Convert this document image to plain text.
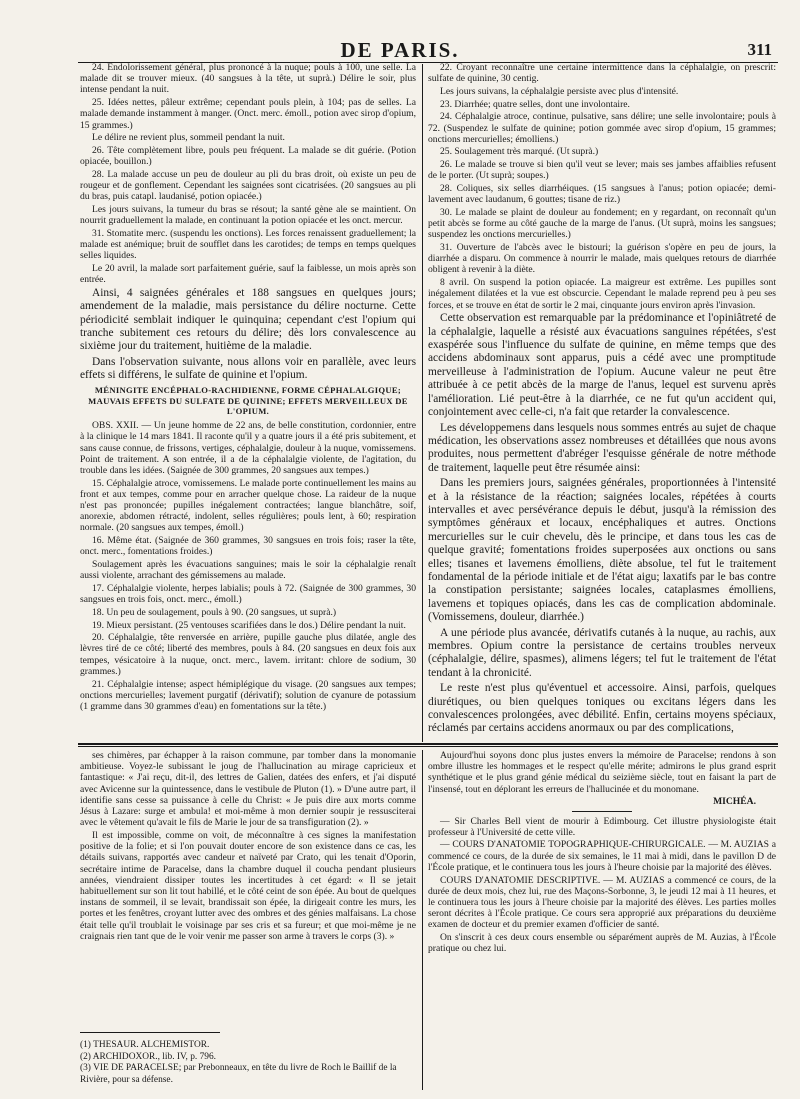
DE PARIS.	311

24. Endolorissement général, plus prononcé à la nuque; pouls à 100, une selle. La malade dit se trouver mieux. (40 sangsues à la tête, ut suprà.) Délire le soir, plus intense pendant la nuit.

25. Idées nettes, pâleur extrême; cependant pouls plein, à 104; pas de selles. La malade demande instamment à manger. (Onct. merc. émoll., potion avec sirop d'opium, 15 grammes.)

Le délire ne revient plus, sommeil pendant la nuit.

26. Tête complètement libre, pouls peu fréquent. La malade se dit guérie. (Potion opiacée, bouillon.)

28. La malade accuse un peu de douleur au pli du bras droit, où existe un peu de rougeur et de gonflement. Cependant les saignées sont cicatrisées. (20 sangsues au pli du bras, puis catapl. laudanisé, potion opiacée.)

Les jours suivans, la tumeur du bras se résout; la santé gène ale se maintient. On nourrit graduellement la malade, en continuant la potion opiacée et les onct. mercur.

31. Stomatite merc. (suspendu les onctions). Les forces renaissent graduellement; la malade est anémique; bruit de soufflet dans les carotides; de temps en temps quelques selles liquides.

Le 20 avril, la malade sort parfaitement guérie, sauf la faiblesse, un mois après son entrée.

Ainsi, 4 saignées générales et 188 sangsues en quelques jours; amendement de la maladie, mais persistance du délire nocturne. Cette périodicité semblait indiquer le quinquina; cependant c'est l'opium qui tranche subitement ces retours du délire; dès lors convalescence au sixième jour du traitement, huitième de la maladie.

Dans l'observation suivante, nous allons voir en parallèle, avec leurs effets si différens, le sulfate de quinine et l'opium.

MÉNINGITE ENCÉPHALO-RACHIDIENNE, FORME CÉPHALALGIQUE; MAUVAIS EFFETS DU SULFATE DE QUININE; EFFETS MERVEILLEUX DE L'OPIUM.

OBS. XXII. — Un jeune homme de 22 ans, de belle constitution, cordonnier, entre à la clinique le 14 mars 1841. Il raconte qu'il y a quatre jours il a été pris subitement, et sans cause connue, de frissons, vertiges, céphalalgie, douleur à la nuque, vomissemens. Point de traitement. A son entrée, il a de la céphalalgie violente, de l'agitation, du trouble dans les idées. (Saignée de 300 grammes, 20 sangsues aux tempes.)

15. Céphalalgie atroce, vomissemens. Le malade porte continuellement les mains au front et aux tempes, comme pour en arracher quelque chose. La raideur de la nuque n'est pas prononcée; pupilles inégalement contractées; langue blanchâtre, soif, anorexie, abdomen rétracté, indolent, selles régulières; pouls lent, à 60; respiration normale. (20 sangsues aux tempes, émoll.)

16. Même état. (Saignée de 360 grammes, 30 sangsues en trois fois; raser la tête, onct. merc., fomentations froides.)

Soulagement après les évacuations sanguines; mais le soir la céphalalgie renaît aussi violente, arrachant des gémissemens au malade.

17. Céphalalgie violente, herpes labialis; pouls à 72. (Saignée de 300 grammes, 30 sangsues en trois fois, onct. merc., émoll.)

18. Un peu de soulagement, pouls à 90. (20 sangsues, ut suprà.)

19. Mieux persistant. (25 ventouses scarifiées dans le dos.) Délire pendant la nuit.

20. Céphalalgie, tête renversée en arrière, pupille gauche plus dilatée, angle des lèvres tiré de ce côté; liberté des membres, pouls à 84. (20 sangsues en deux fois aux tempes, vésicatoire à la nuque, onct. merc., lavem. irritant: chlore de sodium, 30 grammes.)

21. Céphalalgie intense; aspect hémiplégique du visage. (20 sangsues aux tempes; onctions mercurielles; lavement purgatif (dérivatif); solution de cyanure de potassium (1 gramme dans 30 grammes d'eau) en fomentations sur la tête.)

22. Croyant reconnaître une certaine intermittence dans la céphalalgie, on prescrit: sulfate de quinine, 30 centig.

Les jours suivans, la céphalalgie persiste avec plus d'intensité.

23. Diarrhée; quatre selles, dont une involontaire.

24. Céphalalgie atroce, continue, pulsative, sans délire; une selle involontaire; pouls à 72. (Suspendez le sulfate de quinine; potion gommée avec sirop d'opium, 15 grammes; onctions mercurielles; émolliens.)

25. Soulagement très marqué. (Ut suprà.)

26. Le malade se trouve si bien qu'il veut se lever; mais ses jambes affaiblies refusent de le porter. (Ut suprà; soupes.)

28. Coliques, six selles diarrhéiques. (15 sangsues à l'anus; potion opiacée; demi-lavement avec laudanum, 6 gouttes; tisane de riz.)

30. Le malade se plaint de douleur au fondement; en y regardant, on reconnaît qu'un petit abcès se forme au côté gauche de la marge de l'anus. (Ut suprà, moins les sangsues; suspendez les onctions mercurielles.)

31. Ouverture de l'abcès avec le bistouri; la guérison s'opère en peu de jours, la diarrhée a disparu. On commence à nourrir le malade, mais quelques retours de diarrhée obligent à revenir à la diète.

8 avril. On suspend la potion opiacée. La maigreur est extrême. Les pupilles sont inégalement dilatées et la vue est obscurcie. Cependant le malade reprend peu à peu ses forces, et se trouve en état de sortir le 2 mai, cinquante jours environ après l'invasion.

Cette observation est remarquable par la prédominance et l'opiniâtreté de la céphalalgie, laquelle a résisté aux évacuations sanguines répétées, s'est exaspérée sous l'influence du sulfate de quinine, en même temps que des accidens abdominaux sont apparus, puis a cédé avec une promptitude merveilleuse à l'administration de l'opium. Aucune valeur ne peut être attribuée à ce petit abcès de la marge de l'anus, lequel est survenu après l'amélioration. Lié peut-être à la diarrhée, ce ne fut qu'un accident qui, conjointement avec celle-ci, n'a fait que retarder la convalescence.

Les développemens dans lesquels nous sommes entrés au sujet de chaque médication, les observations assez nombreuses et détaillées que nous avons produites, nous permettent d'abréger l'esquisse générale de notre méthode de traitement, laquelle peut être résumée ainsi:

Dans les premiers jours, saignées générales, proportionnées à l'intensité et à la résistance de la réaction; saignées locales, répétées à courts intervalles et avec persévérance depuis le début, jusqu'à la rémission des symptômes généraux et locaux, encéphaliques et autres. Onctions mercurielles sur le cuir chevelu, dès le principe, et dans tous les cas de quelque gravité; fomentations froides superposées aux onctions ou sans elles; tisanes et lavemens émolliens, diète absolue, tel fut le traitement fondamental de la période initiale et de l'état aigu; laxatifs par le bas contre la constipation persistante; saignées locales, cataplasmes émolliens, lavemens et topiques opiacés, dans les cas de complication abdominale. (Vomissemens, douleur, diarrhée.)

A une période plus avancée, dérivatifs cutanés à la nuque, au rachis, aux membres. Opium contre la persistance de certains troubles nerveux (céphalalgie, délire, spasmes), alimens légers; tel fut le traitement de l'état tendant à la chronicité.

Le reste n'est plus qu'éventuel et accessoire. Ainsi, parfois, quelques diurétiques, ou bien quelques toniques ou excitans légers dans les convalescences prolongées, avec débilité. Enfin, certains moyens spéciaux, réclamés par certains accidens anormaux ou par des complications,

ses chimères, par échapper à la raison commune, par tomber dans la monomanie ambitieuse. Voyez-le subissant le joug de l'hallucination au mirage capricieux et fantastique: « J'ai reçu, dit-il, des lettres de Galien, datées des enfers, et j'ai disputé avec Avicenne sur la quintessence, dans le vestibule de Pluton (1). » D'une autre part, il identifie sans cesse sa puissance à celle du Christ: « Je puis dire aux morts comme Jésus à Lazare: surge et ambula! et moi-même à mon dernier soupir je ressusciterai avec le vêtement qu'avait le fils de Marie le jour de sa transfiguration (2). »

Il est impossible, comme on voit, de méconnaître à ces signes la manifestation positive de la folie; et si l'on pouvait douter encore de son existence dans ce cas, les détails suivans, rapportés avec candeur et naïveté par Crato, qui les tenait d'Oporin, secrétaire intime de Paracelse, dans la chambre duquel il coucha pendant plusieurs années, viendraient dissiper toutes les incertitudes à cet égard: « Il se jetait habituellement sur son lit tout habillé, et le côté ceint de son épée. Au bout de quelques instans de sommeil, il se levait, brandissait son épée, la dirigeait contre les murs, les portes et les fenêtres, croyant lutter avec des ombres et des génies malfaisans. La chose était telle qu'il troublait le voisinage par ses cris et sa fureur; et que moi-même je ne craignais rien tant que de le voir venir me passer son arme à travers le corps (3). »

(1) THESAUR. ALCHEMISTOR.

(2) ARCHIDOXOR., lib. IV, p. 796.

(3) VIE DE PARACELSE; par Prebonneaux, en tête du livre de Roch le Baillif de la Rivière, pour sa défense.

Aujourd'hui soyons donc plus justes envers la mémoire de Paracelse; rendons à son ombre illustre les hommages et le respect qu'elle mérite; admirons le plus grand esprit synthétique et le plus grand génie médical du seizième siècle, tout en faisant la part de l'insensé, tout en déplorant les erreurs de l'hallucinée et du monomane.

MICHÉA.

— Sir Charles Bell vient de mourir à Edimbourg. Cet illustre physiologiste était professeur à l'Université de cette ville.

— COURS D'ANATOMIE TOPOGRAPHIQUE-CHIRURGICALE. — M. AUZIAS a commencé ce cours, de la durée de six semaines, le 11 mai à midi, dans le pavillon D de l'École pratique, et le continuera tous les jours à l'heure choisie par la majorité des élèves.

COURS D'ANATOMIE DESCRIPTIVE. — M. AUZIAS a commencé ce cours, de la durée de deux mois, chez lui, rue des Maçons-Sorbonne, 3, le jeudi 12 mai à 11 heures, et le continuera tous les jours à l'heure choisie par la majorité des élèves. Les parties molles seront décrites à l'École pratique. Ce cours sera approprié aux préparations du deuxième examen de docteur et du premier examen d'officier de santé.

On s'inscrit à ces deux cours ensemble ou séparément auprès de M. Auzias, à l'École pratique ou chez lui.
